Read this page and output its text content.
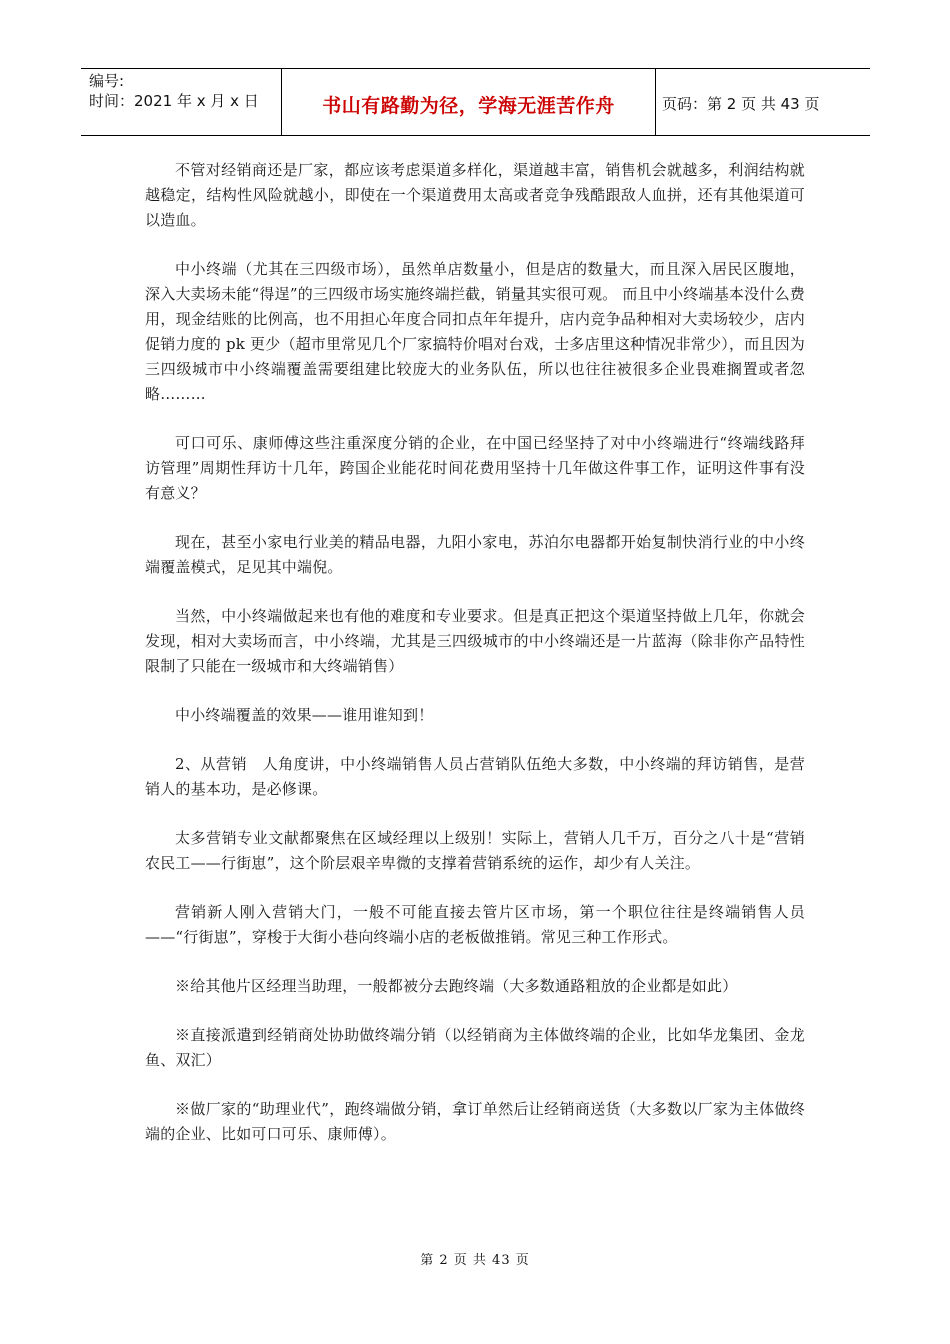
编号:
时间：2021 年 x 月 x 日	书山有路勤为径，学海无涯苦作舟	页码：第 2 页 共 43 页

不管对经销商还是厂家，都应该考虑渠道多样化，渠道越丰富，销售机会就越多，利润结构就越稳定，结构性风险就越小，即使在一个渠道费用太高或者竞争残酷跟敌人血拼，还有其他渠道可以造血。

中小终端（尤其在三四级市场），虽然单店数量小，但是店的数量大，而且深入居民区腹地，深入大卖场未能“得逞”的三四级市场实施终端拦截，销量其实很可观。 而且中小终端基本没什么费用，现金结账的比例高，也不用担心年度合同扣点年年提升，店内竞争品种相对大卖场较少，店内促销力度的 pk 更少（超市里常见几个厂家搞特价唱对台戏，士多店里这种情况非常少），而且因为三四级城市中小终端覆盖需要组建比较庞大的业务队伍，所以也往往被很多企业畏难搁置或者忽略………

可口可乐、康师傅这些注重深度分销的企业，在中国已经坚持了对中小终端进行“终端线路拜访管理”周期性拜访十几年，跨国企业能花时间花费用坚持十几年做这件事工作，证明这件事有没有意义？

现在，甚至小家电行业美的精品电器，九阳小家电，苏泊尔电器都开始复制快消行业的中小终端覆盖模式，足见其中端倪。

当然，中小终端做起来也有他的难度和专业要求。但是真正把这个渠道坚持做上几年，你就会发现，相对大卖场而言，中小终端，尤其是三四级城市的中小终端还是一片蓝海（除非你产品特性限制了只能在一级城市和大终端销售）

中小终端覆盖的效果——谁用谁知到！

2、从营销　人角度讲，中小终端销售人员占营销队伍绝大多数，中小终端的拜访销售，是营销人的基本功，是必修课。

太多营销专业文献都聚焦在区域经理以上级别！实际上，营销人几千万，百分之八十是“营销农民工——行街崽”，这个阶层艰辛卑微的支撑着营销系统的运作，却少有人关注。

营销新人刚入营销大门，一般不可能直接去管片区市场，第一个职位往往是终端销售人员——“行街崽”，穿梭于大街小巷向终端小店的老板做推销。常见三种工作形式。

※给其他片区经理当助理，一般都被分去跑终端（大多数通路粗放的企业都是如此）

※直接派遣到经销商处协助做终端分销（以经销商为主体做终端的企业，比如华龙集团、金龙鱼、双汇）

※做厂家的“助理业代”，跑终端做分销，拿订单然后让经销商送货（大多数以厂家为主体做终端的企业、比如可口可乐、康师傅）。

第 2 页 共 43 页
